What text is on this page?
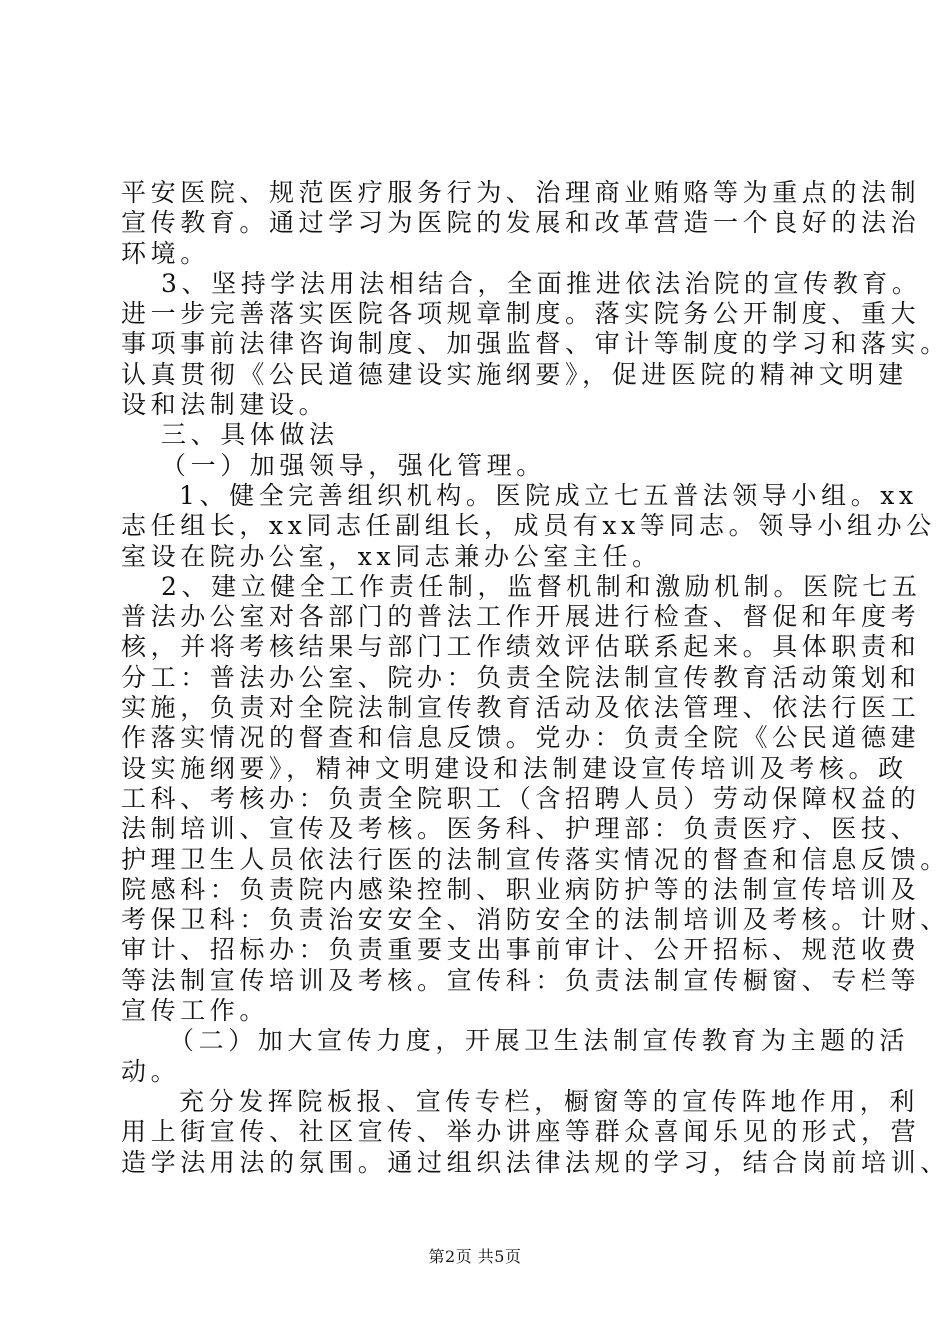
平安医院、规范医疗服务行为、治理商业贿赂等为重点的法制
宣传教育。通过学习为医院的发展和改革营造一个良好的法治
环境。
3、坚持学法用法相结合，全面推进依法治院的宣传教育。
进一步完善落实医院各项规章制度。落实院务公开制度、重大
事项事前法律咨询制度、加强监督、审计等制度的学习和落实。
认真贯彻《公民道德建设实施纲要》，促进医院的精神文明建
设和法制建设。
三、具体做法
（一）加强领导，强化管理。
1、健全完善组织机构。医院成立七五普法领导小组。xx
志任组长，xx同志任副组长，成员有xx等同志。领导小组办公
室设在院办公室，xx同志兼办公室主任。
2、建立健全工作责任制，监督机制和激励机制。医院七五
普法办公室对各部门的普法工作开展进行检查、督促和年度考
核，并将考核结果与部门工作绩效评估联系起来。具体职责和
分工：普法办公室、院办：负责全院法制宣传教育活动策划和
实施，负责对全院法制宣传教育活动及依法管理、依法行医工
作落实情况的督查和信息反馈。党办：负责全院《公民道德建
设实施纲要》，精神文明建设和法制建设宣传培训及考核。政
工科、考核办：负责全院职工（含招聘人员）劳动保障权益的
法制培训、宣传及考核。医务科、护理部：负责医疗、医技、
护理卫生人员依法行医的法制宣传落实情况的督查和信息反馈。
院感科：负责院内感染控制、职业病防护等的法制宣传培训及
考保卫科：负责治安安全、消防安全的法制培训及考核。计财、
审计、招标办：负责重要支出事前审计、公开招标、规范收费
等法制宣传培训及考核。宣传科：负责法制宣传橱窗、专栏等
宣传工作。
（二）加大宣传力度，开展卫生法制宣传教育为主题的活
动。
充分发挥院板报、宣传专栏，橱窗等的宣传阵地作用，利
用上街宣传、社区宣传、举办讲座等群众喜闻乐见的形式，营
造学法用法的氛围。通过组织法律法规的学习，结合岗前培训、
第2页 共5页
